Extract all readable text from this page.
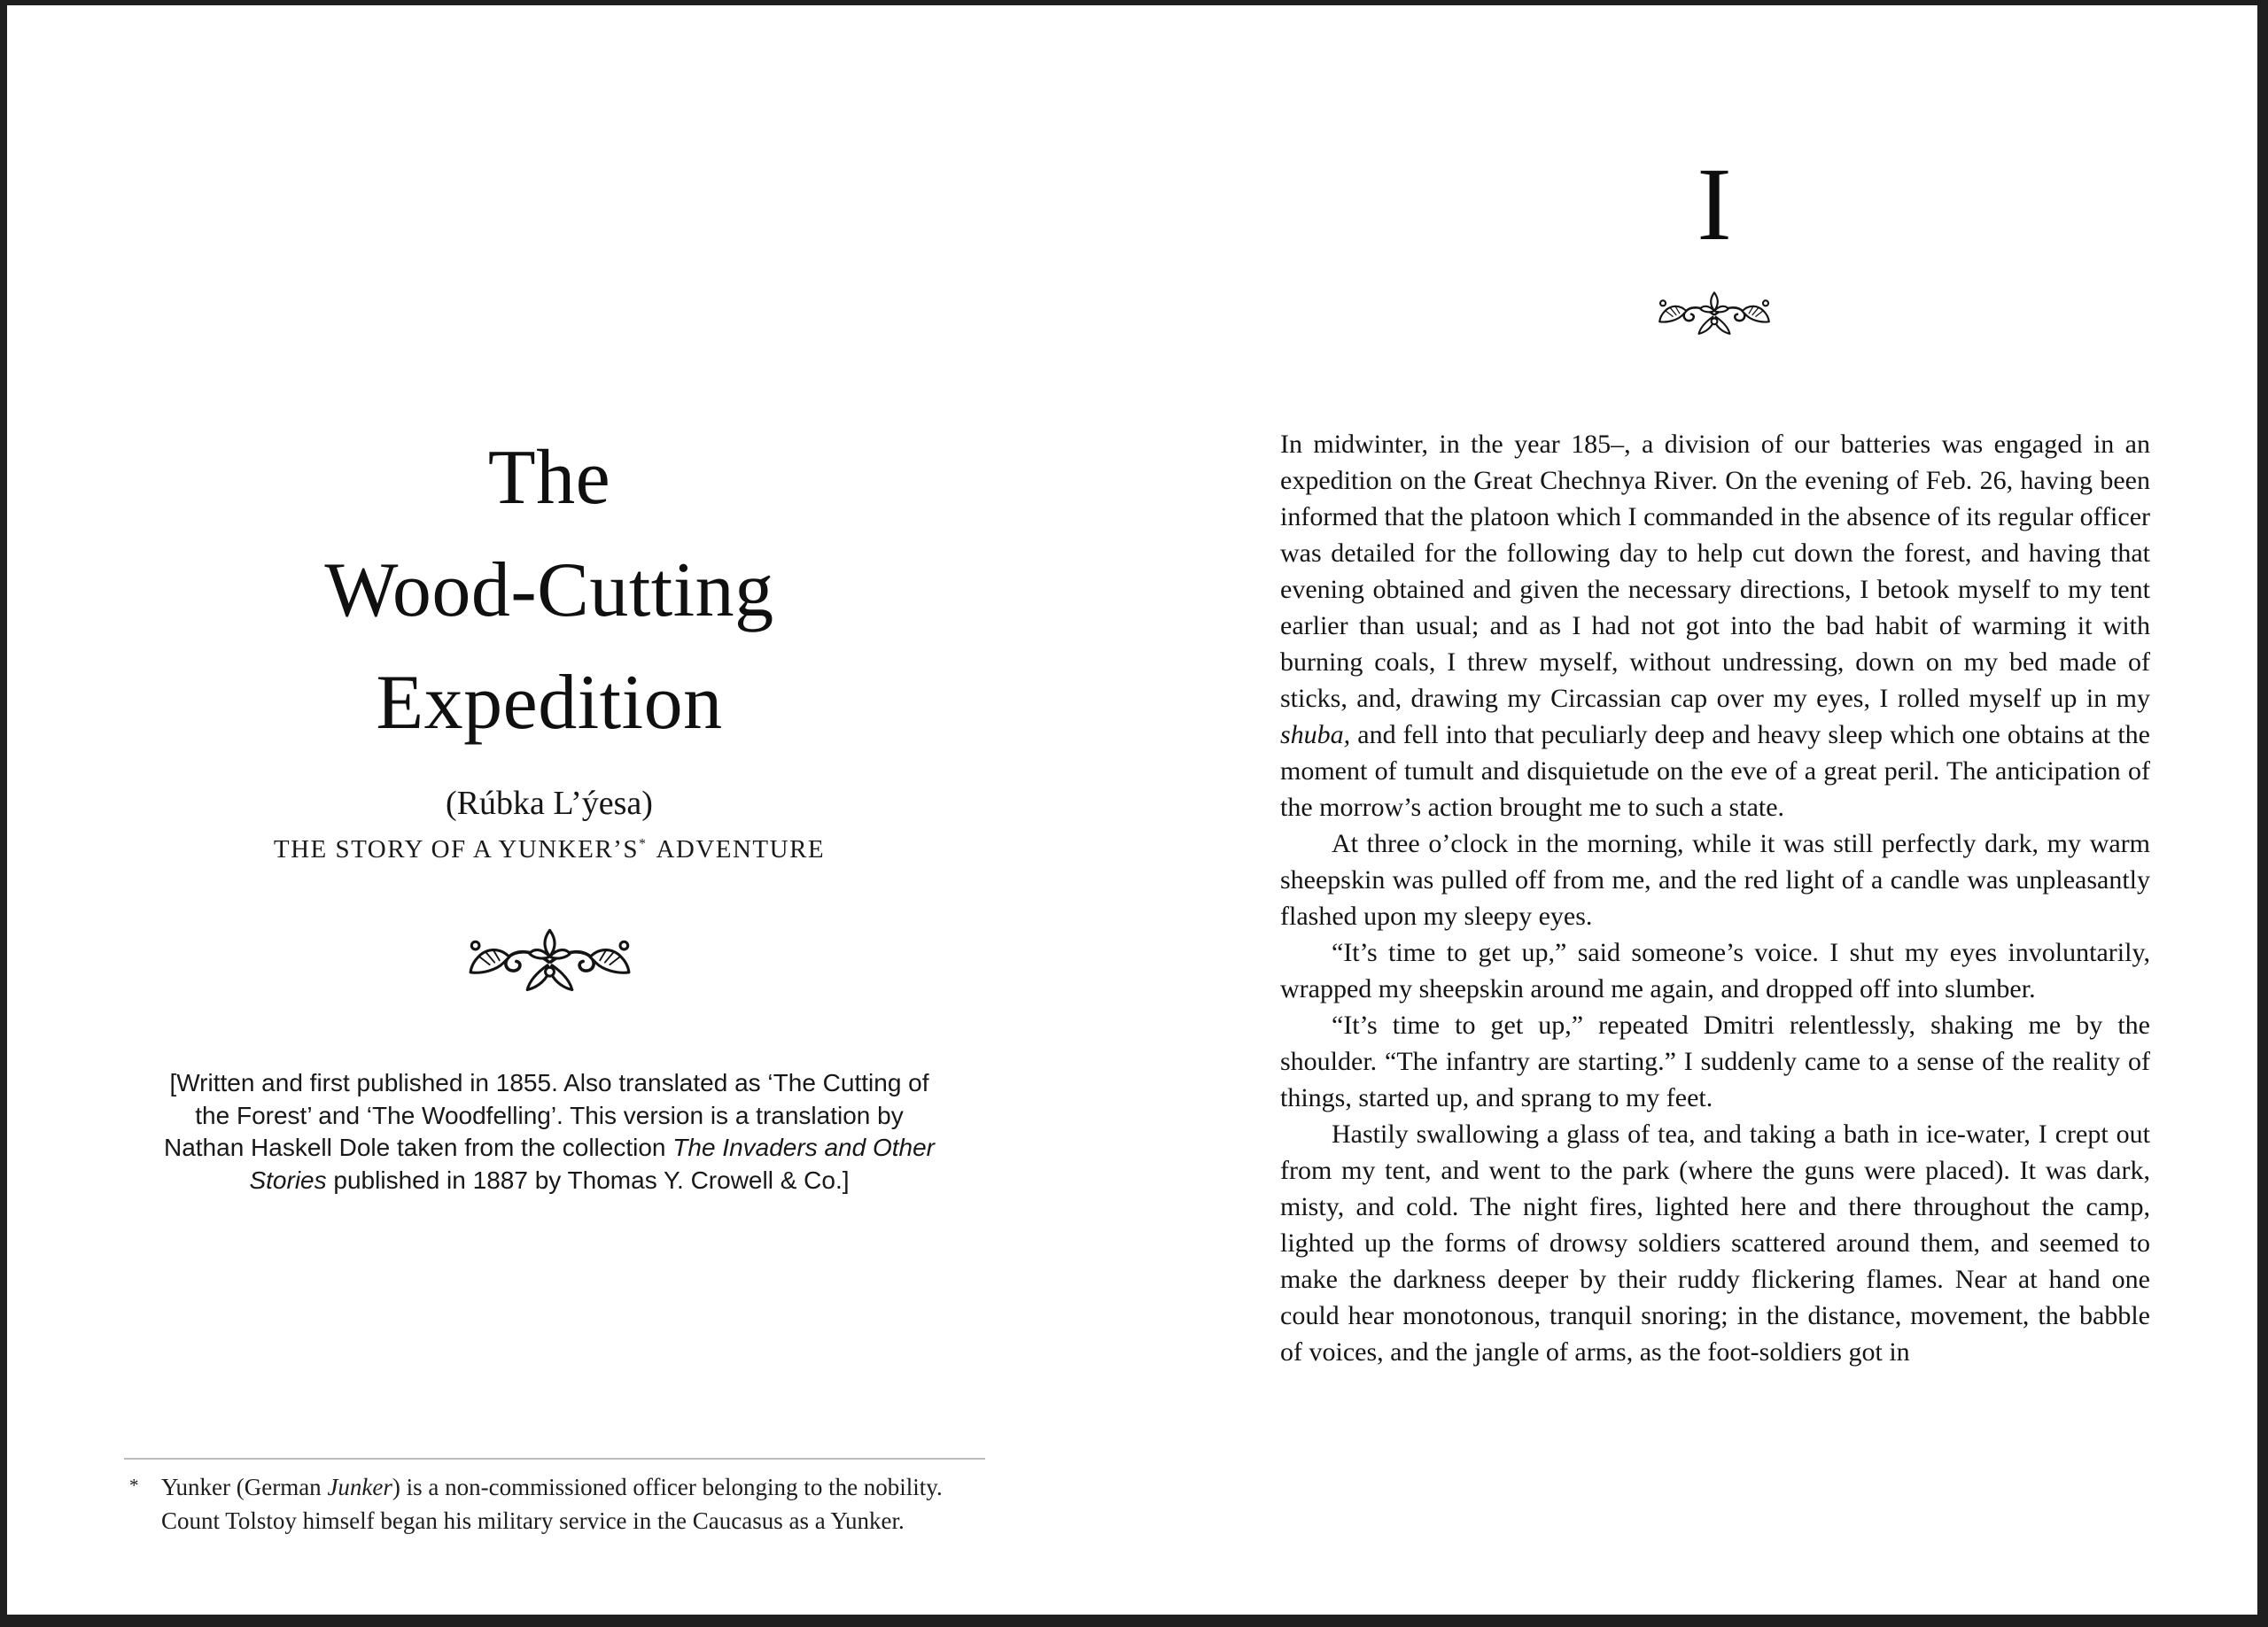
The
Wood-Cutting
Expedition
(Rúbka L’ýesa)
THE STORY OF A YUNKER’S* ADVENTURE

[Written and first published in 1855. Also translated as ‘The Cutting of the Forest’ and ‘The Woodfelling’. This version is a translation by Nathan Haskell Dole taken from the collection The Invaders and Other Stories published in 1887 by Thomas Y. Crowell & Co.]

* Yunker (German Junker) is a non-commissioned officer belonging to the nobility. Count Tolstoy himself began his military service in the Caucasus as a Yunker.
I

In midwinter, in the year 185–, a division of our batteries was engaged in an expedition on the Great Chechnya River. On the evening of Feb. 26, having been informed that the platoon which I commanded in the absence of its regular officer was detailed for the following day to help cut down the forest, and having that evening obtained and given the necessary directions, I betook myself to my tent earlier than usual; and as I had not got into the bad habit of warming it with burning coals, I threw myself, without undressing, down on my bed made of sticks, and, drawing my Circassian cap over my eyes, I rolled myself up in my shuba, and fell into that peculiarly deep and heavy sleep which one obtains at the moment of tumult and disquietude on the eve of a great peril. The anticipation of the morrow’s action brought me to such a state.

At three o’clock in the morning, while it was still perfectly dark, my warm sheepskin was pulled off from me, and the red light of a candle was unpleasantly flashed upon my sleepy eyes.

“It’s time to get up,” said someone’s voice. I shut my eyes involuntarily, wrapped my sheepskin around me again, and dropped off into slumber.

“It’s time to get up,” repeated Dmitri relentlessly, shaking me by the shoulder. “The infantry are starting.” I suddenly came to a sense of the reality of things, started up, and sprang to my feet.

Hastily swallowing a glass of tea, and taking a bath in ice-water, I crept out from my tent, and went to the park (where the guns were placed). It was dark, misty, and cold. The night fires, lighted here and there throughout the camp, lighted up the forms of drowsy soldiers scattered around them, and seemed to make the darkness deeper by their ruddy flickering flames. Near at hand one could hear monotonous, tranquil snoring; in the distance, movement, the babble of voices, and the jangle of arms, as the foot-soldiers got in
